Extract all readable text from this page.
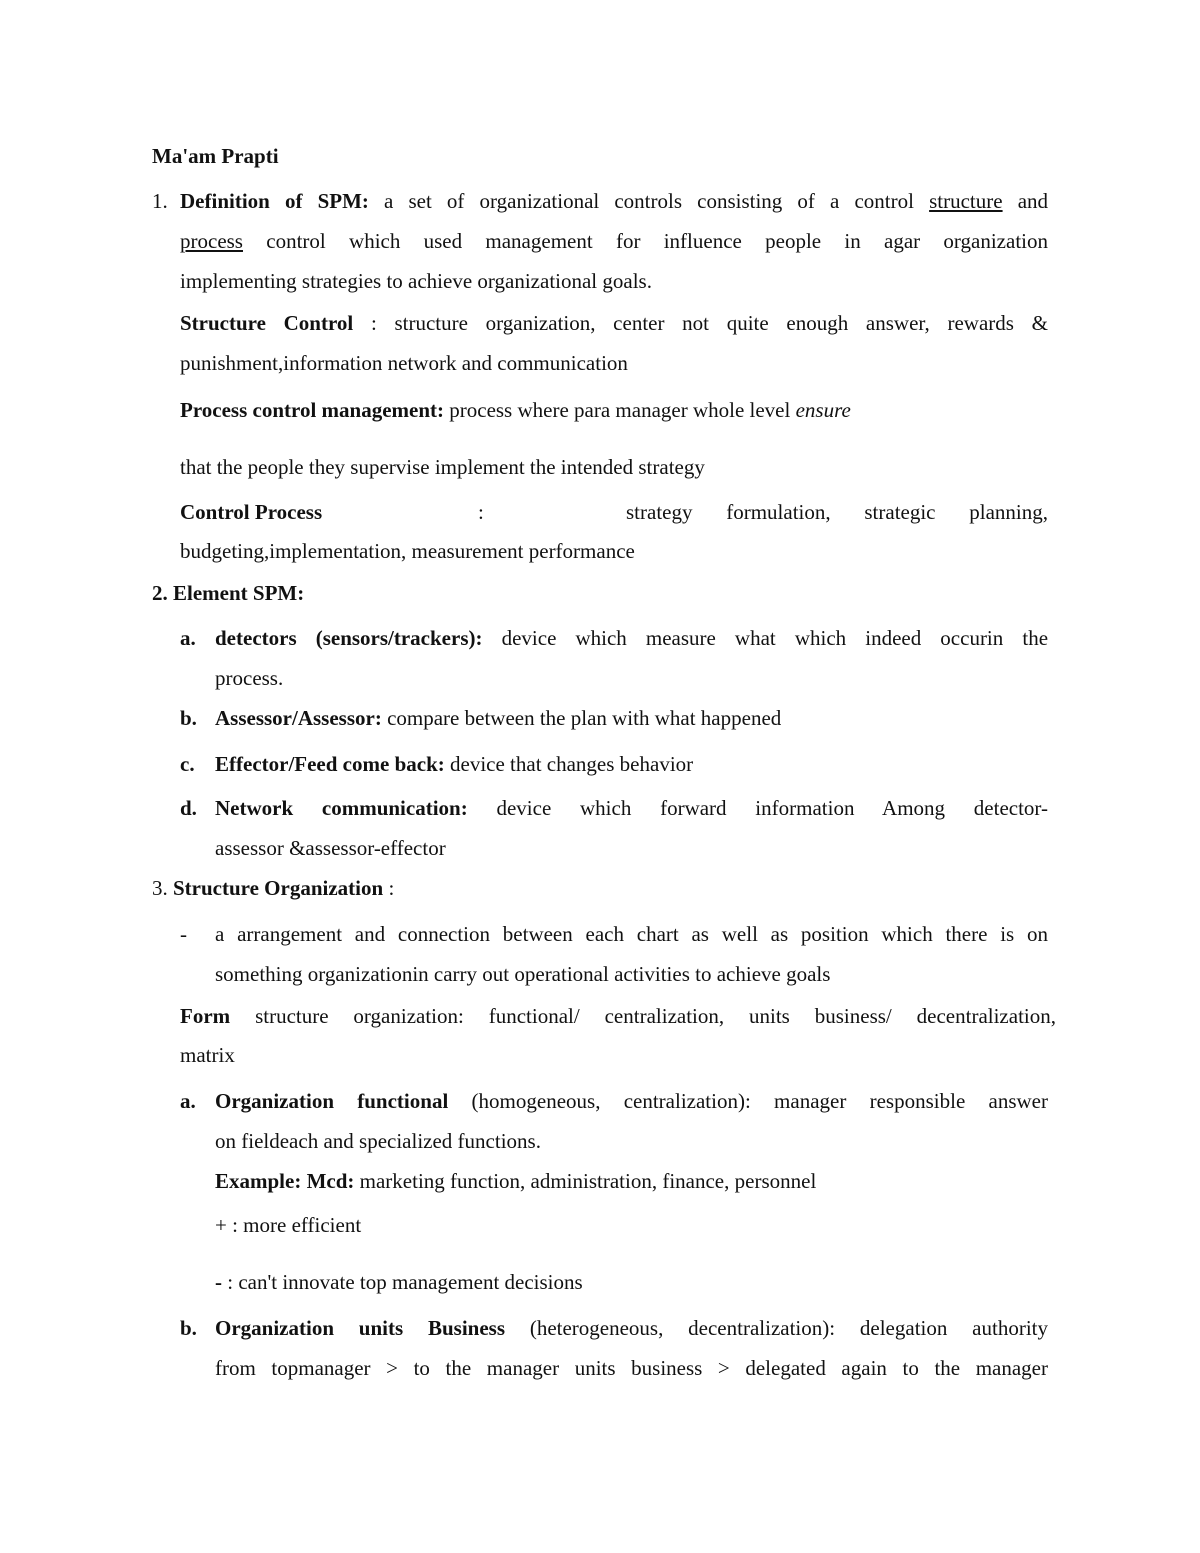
Ma'am Prapti
1. Definition of SPM: a set of organizational controls consisting of a control structure and
process control which used management for influence people in agar organization
implementing strategies to achieve organizational goals.
Structure Control : structure organization, center not quite enough answer, rewards &
punishment,information network and communication
Process control management: process where para manager whole level ensure
that the people they supervise implement the intended strategy
Control Process	:	strategy formulation, strategic planning,
budgeting,implementation, measurement performance
2. Element SPM:
a. detectors (sensors/trackers): device which measure what which indeed occurin the
process.
b. Assessor/Assessor: compare between the plan with what happened
c. Effector/Feed come back: device that changes behavior
d. Network communication: device which forward information Among detector-
assessor &assessor-effector
3. Structure Organization :
- a arrangement and connection between each chart as well as position which there is on
something organizationin carry out operational activities to achieve goals
Form structure organization: functional/ centralization, units business/ decentralization,
matrix
a. Organization functional (homogeneous, centralization): manager responsible answer
on fieldeach and specialized functions.
Example: Mcd: marketing function, administration, finance, personnel
+ : more efficient
- : can't innovate top management decisions
b. Organization units Business (heterogeneous, decentralization): delegation authority
from topmanager > to the manager units business > delegated again to the manager
